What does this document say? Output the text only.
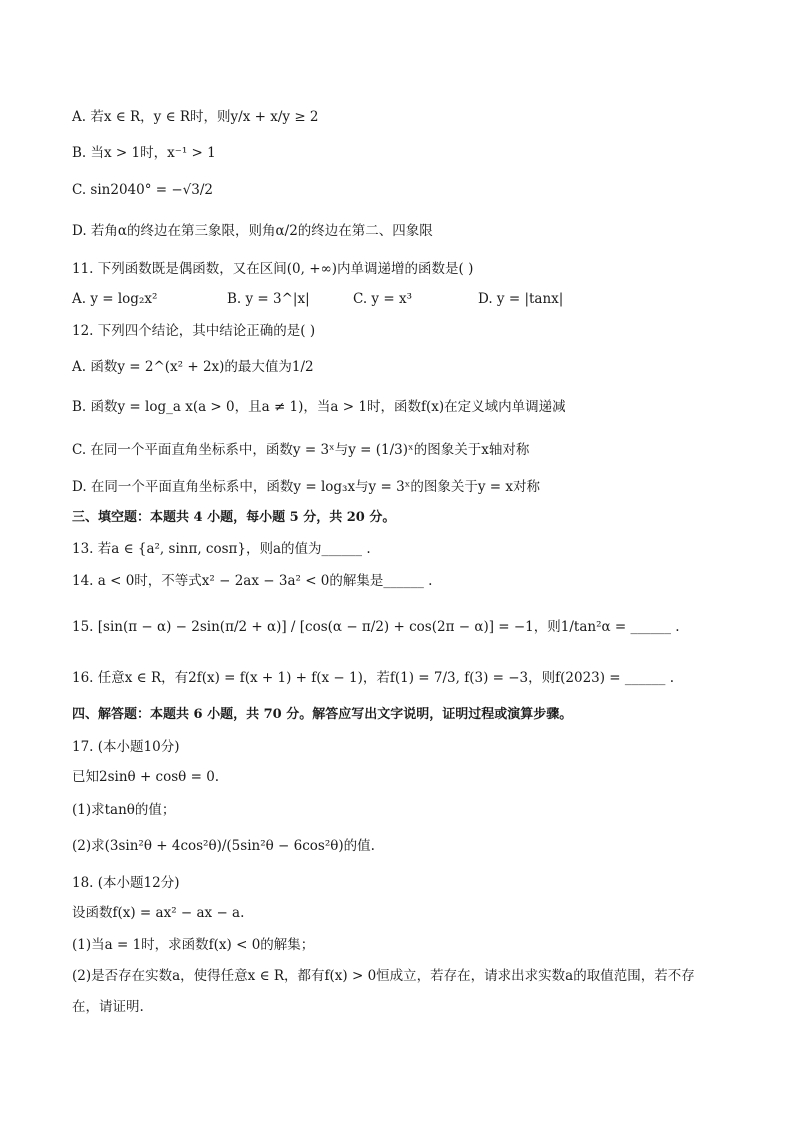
A. 若x ∈ R，y ∈ R时，则y/x + x/y ≥ 2
B. 当x > 1时，x⁻¹ > 1
C. sin2040° = −√3/2
D. 若角α的终边在第三象限，则角α/2的终边在第二、四象限
11. 下列函数既是偶函数，又在区间(0, +∞)内单调递增的函数是( )
A. y = log₂x²	B. y = 3^|x|	C. y = x³	D. y = |tanx|
12. 下列四个结论，其中结论正确的是( )
A. 函数y = 2^(x² + 2x)的最大值为1/2
B. 函数y = log_a x(a > 0，且a ≠ 1)，当a > 1时，函数f(x)在定义域内单调递减
C. 在同一个平面直角坐标系中，函数y = 3ˣ与y = (1/3)ˣ的图象关于x轴对称
D. 在同一个平面直角坐标系中，函数y = log₃x与y = 3ˣ的图象关于y = x对称
三、填空题：本题共 4 小题，每小题 5 分，共 20 分。
13. 若a ∈ {a², sinπ, cosπ}，则a的值为______ .
14. a < 0时，不等式x² − 2ax − 3a² < 0的解集是______ .
15. [sin(π − α) − 2sin(π/2 + α)] / [cos(α − π/2) + cos(2π − α)] = −1，则1/tan²α = ______ .
16. 任意x ∈ R，有2f(x) = f(x + 1) + f(x − 1)，若f(1) = 7/3, f(3) = −3，则f(2023) = ______ .
四、解答题：本题共 6 小题，共 70 分。解答应写出文字说明，证明过程或演算步骤。
17. (本小题10分)
已知2sinθ + cosθ = 0.
(1)求tanθ的值；
(2)求(3sin²θ + 4cos²θ)/(5sin²θ − 6cos²θ)的值.
18. (本小题12分)
设函数f(x) = ax² − ax − a.
(1)当a = 1时，求函数f(x) < 0的解集；
(2)是否存在实数a，使得任意x ∈ R，都有f(x) > 0恒成立，若存在，请求出求实数a的取值范围，若不存
在，请证明.
